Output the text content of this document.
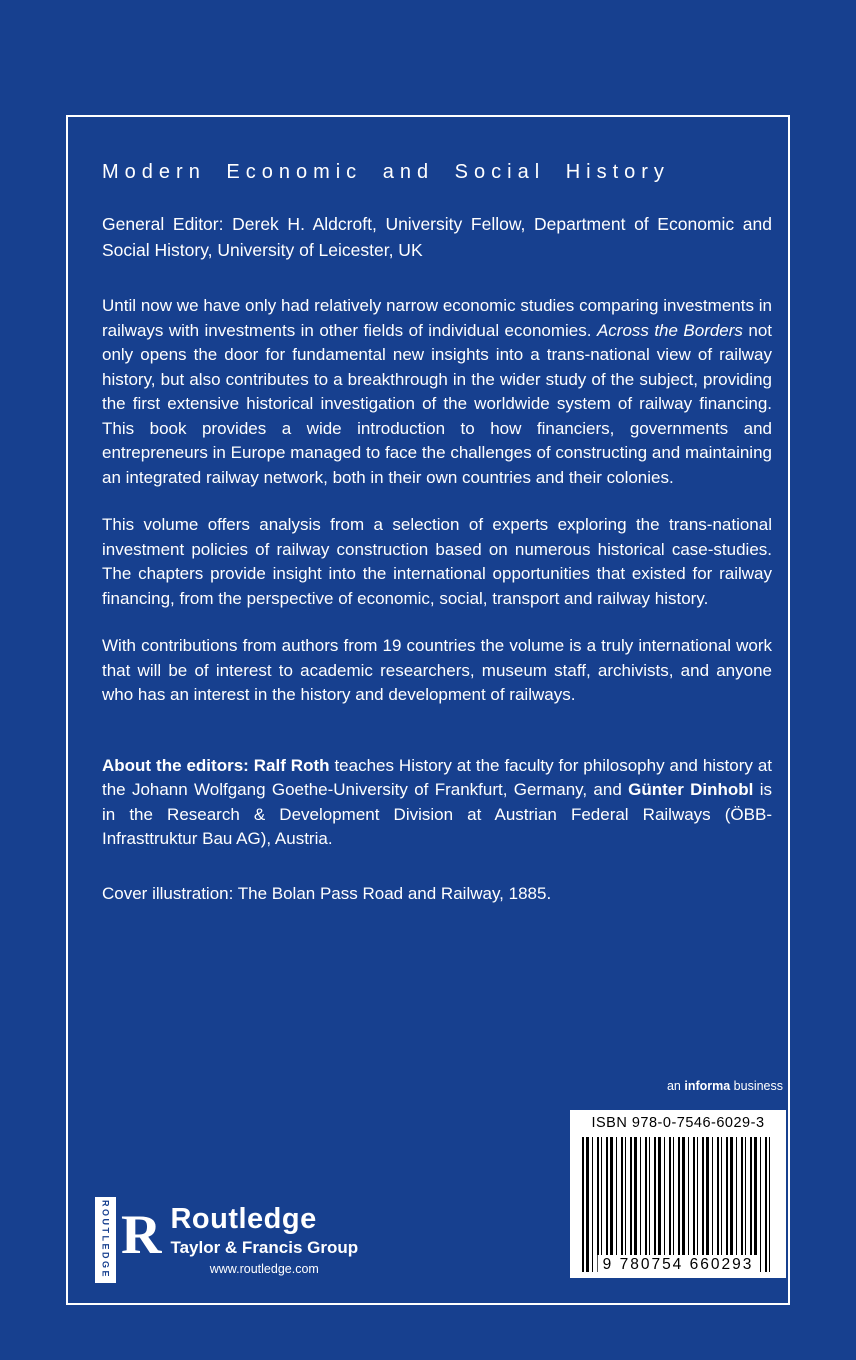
Modern Economic and Social History
General Editor: Derek H. Aldcroft, University Fellow, Department of Economic and Social History, University of Leicester, UK

Until now we have only had relatively narrow economic studies comparing investments in railways with investments in other fields of individual economies. Across the Borders not only opens the door for fundamental new insights into a trans-national view of railway history, but also contributes to a breakthrough in the wider study of the subject, providing the first extensive historical investigation of the worldwide system of railway financing. This book provides a wide introduction to how financiers, governments and entrepreneurs in Europe managed to face the challenges of constructing and maintaining an integrated railway network, both in their own countries and their colonies.

This volume offers analysis from a selection of experts exploring the trans-national investment policies of railway construction based on numerous historical case-studies. The chapters provide insight into the international opportunities that existed for railway financing, from the perspective of economic, social, transport and railway history.

With contributions from authors from 19 countries the volume is a truly international work that will be of interest to academic researchers, museum staff, archivists, and anyone who has an interest in the history and development of railways.

About the editors: Ralf Roth teaches History at the faculty for philosophy and history at the Johann Wolfgang Goethe-University of Frankfurt, Germany, and Günter Dinhobl is in the Research & Development Division at Austrian Federal Railways (ÖBB-Infrasttruktur Bau AG), Austria.

Cover illustration: The Bolan Pass Road and Railway, 1885.

an informa business
ISBN 978-0-7546-6029-3
9 780754 660293
ROUTLEDGE R Routledge
Taylor & Francis Group
www.routledge.com
